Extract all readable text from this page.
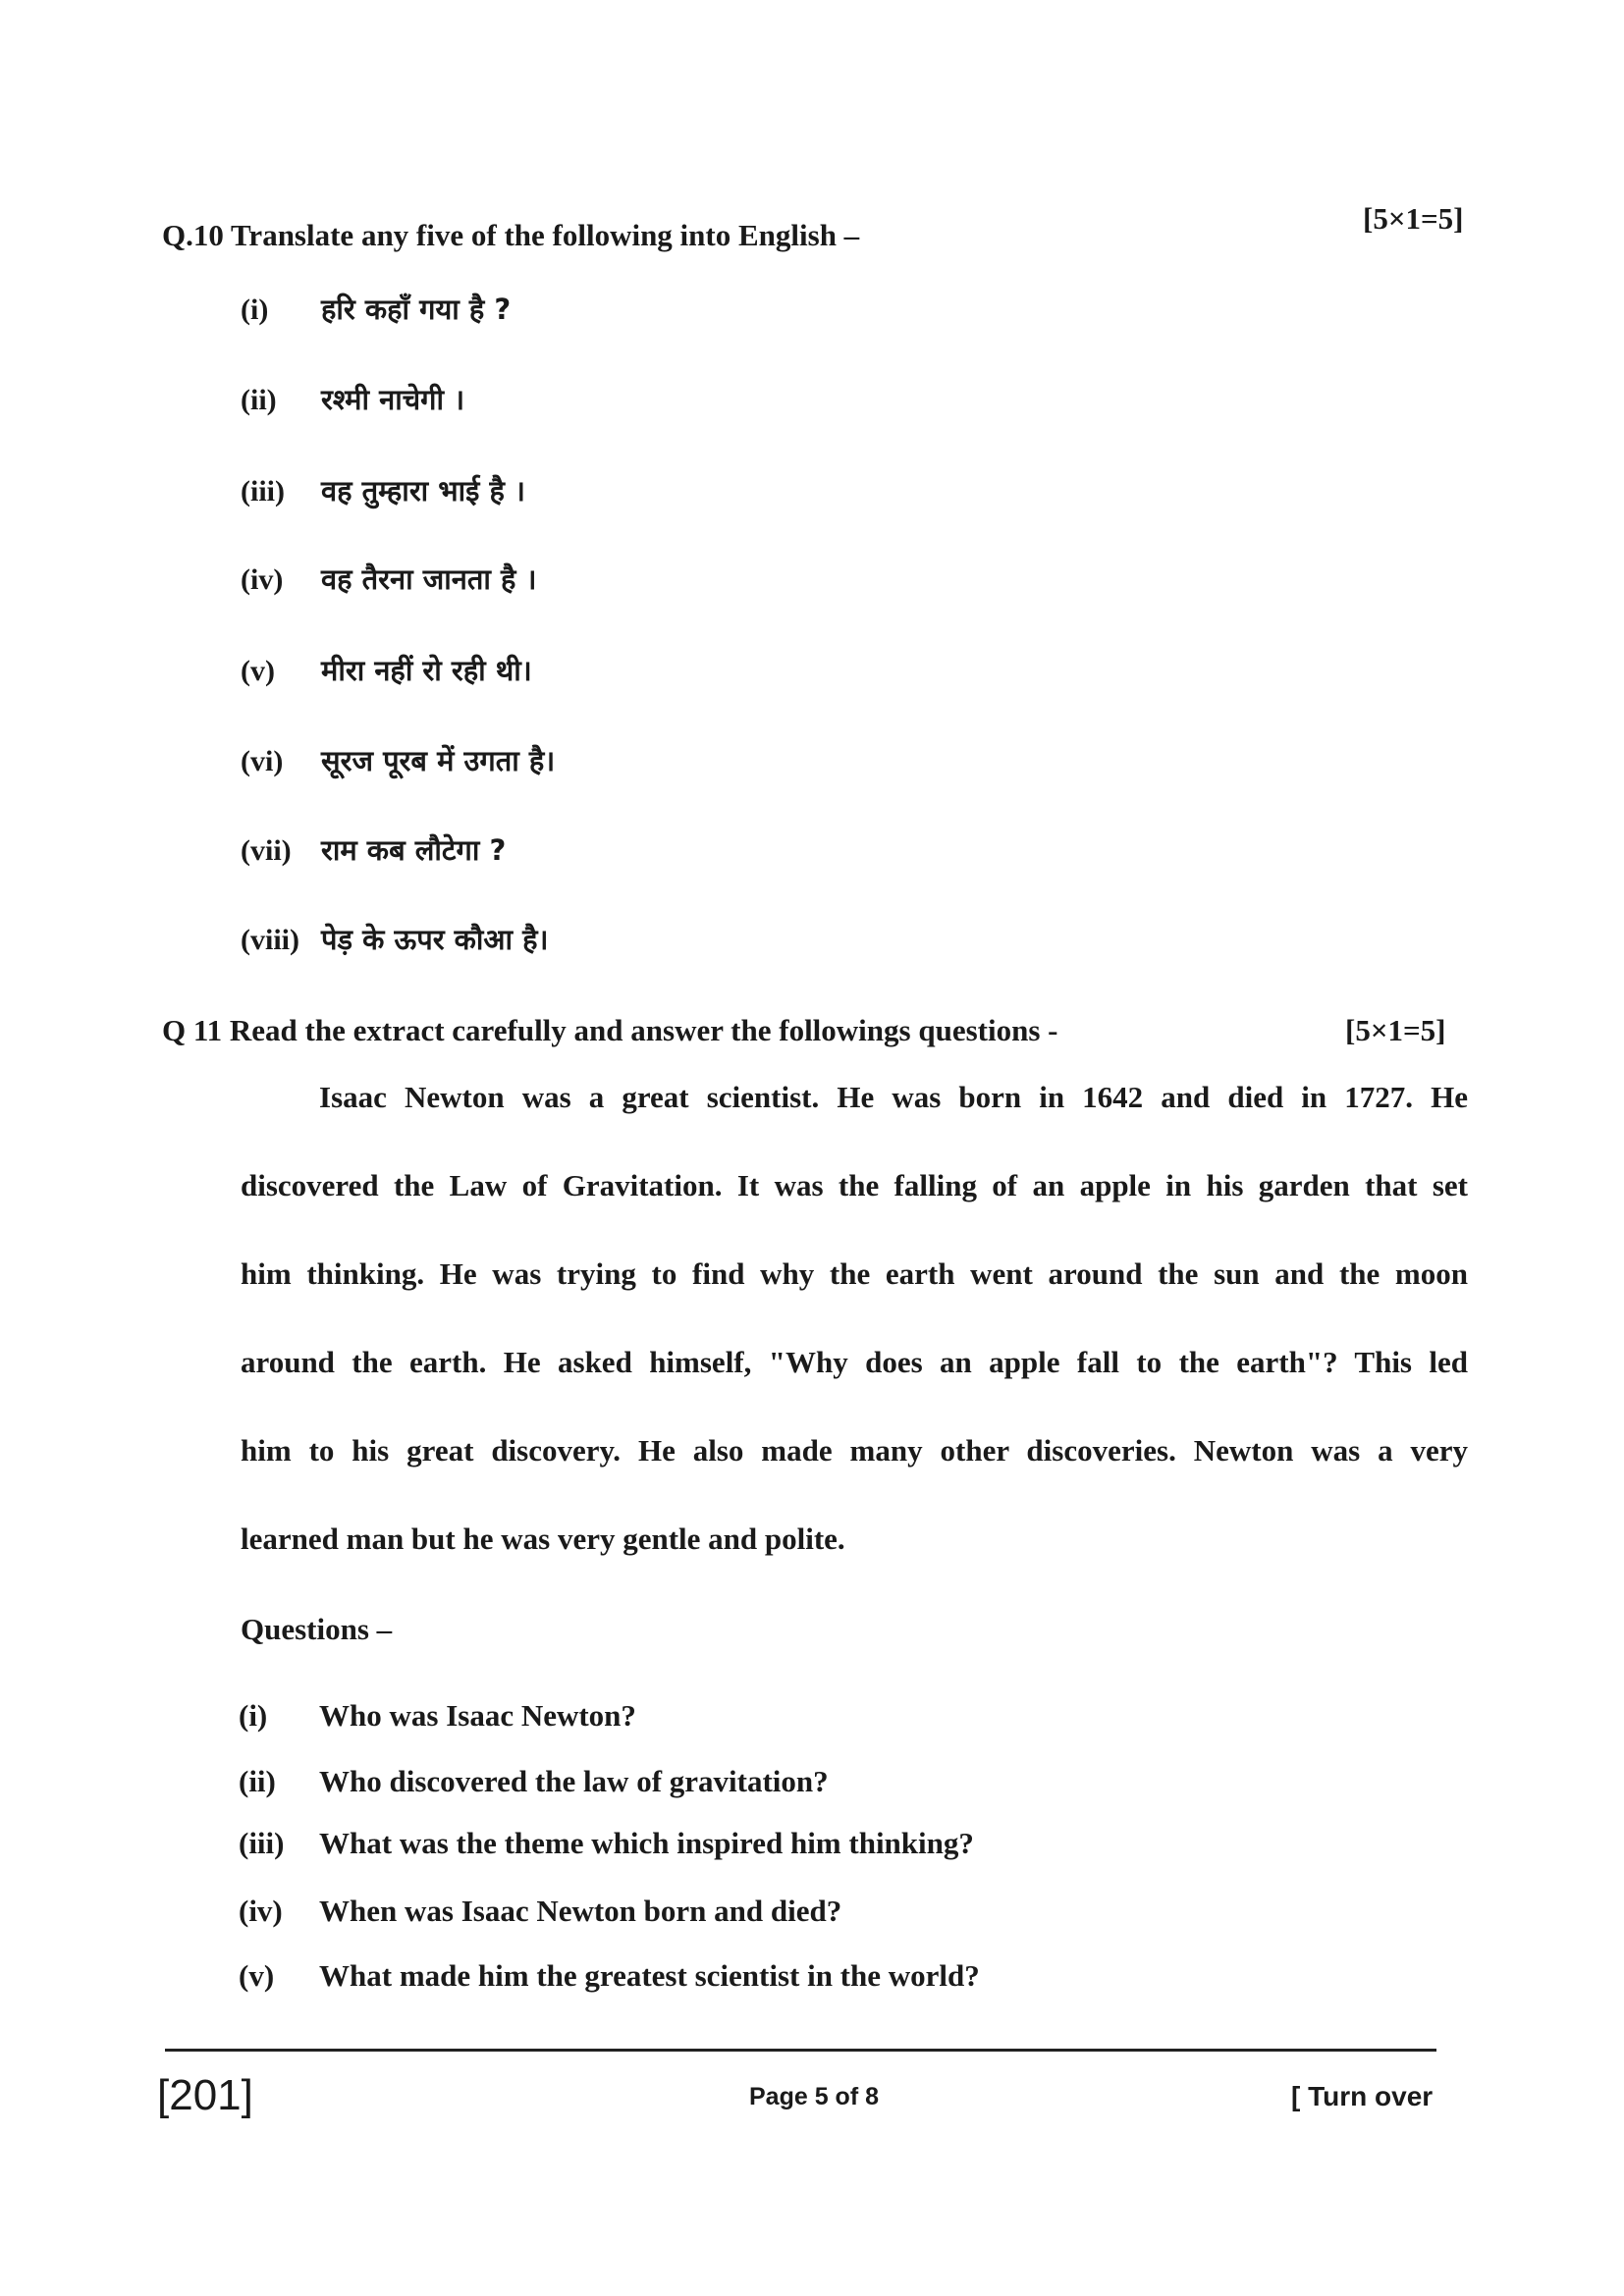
Q.10 Translate any five of the following into English –	[5×1=5]
(i) हरि कहाँ गया है ?
(ii) रश्मी नाचेगी ।
(iii) वह तुम्हारा भाई है ।
(iv) वह तैरना जानता है ।
(v) मीरा नहीं रो रही थी।
(vi) सूरज पूरब में उगता है।
(vii) राम कब लौटेगा ?
(viii) पेड़ के ऊपर कौआ है।
Q 11 Read the extract carefully and answer the followings questions -	[5×1=5]
Isaac Newton was a great scientist. He was born in 1642 and died in 1727. He
discovered the Law of Gravitation. It was the falling of an apple in his garden that set
him thinking. He was trying to find why the earth went around the sun and the moon
around the earth. He asked himself, "Why does an apple fall to the earth"? This led
him to his great discovery. He also made many other discoveries. Newton was a very
learned man but he was very gentle and polite.
Questions –
(i) Who was Isaac Newton?
(ii) Who discovered the law of gravitation?
(iii) What was the theme which inspired him thinking?
(iv) When was Isaac Newton born and died?
(v) What made him the greatest scientist in the world?
[201]	Page 5 of 8	[ Turn over
